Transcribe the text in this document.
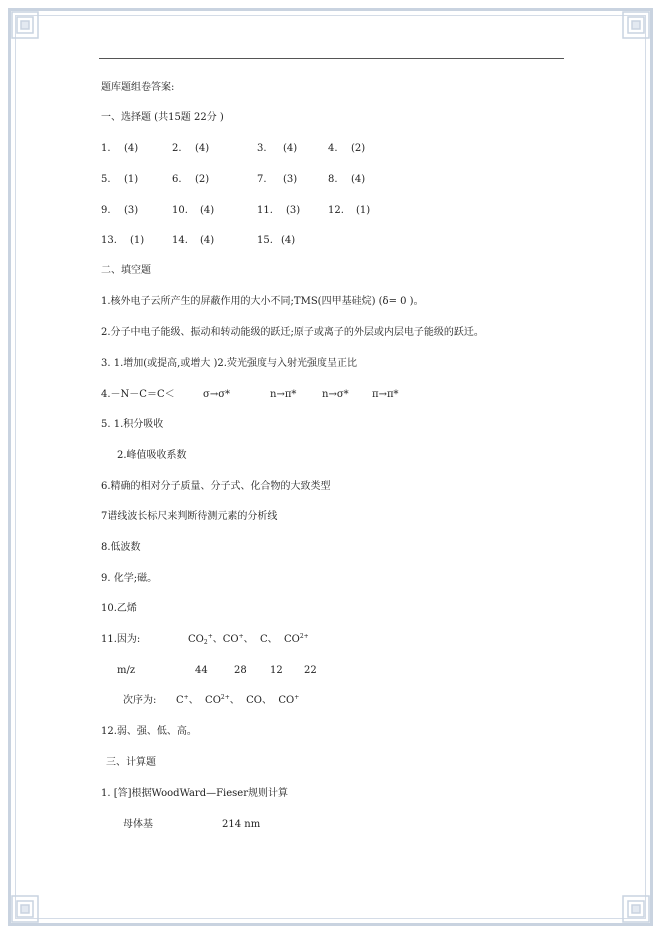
题库题组卷答案:
一、选择题 (共15题 22分 )
1. (4)	2. (4)	3. (4)	4. (2)
5. (1)	6. (2)	7. (3)	8. (4)
9. (3)	10. (4)	11. (3)	12. (1)
13. (1)	14. (4)	15. (4)
二、填空题
1.核外电子云所产生的屏蔽作用的大小不同;TMS(四甲基硅烷) (δ= 0 )。
2.分子中电子能级、振动和转动能级的跃迁;原子或离子的外层或内层电子能级的跃迁。
3. 1.增加(或提高,或增大 )2.荧光强度与入射光强度呈正比
4.－N－C＝C＜	σ→σ*	n→π*	n→σ* π→π*
5. 1.积分吸收
2.峰值吸收系数
6.精确的相对分子质量、分子式、化合物的大致类型
7谱线波长标尺来判断待测元素的分析线
8.低波数
9. 化学;磁。
10.乙烯
11.因为:	$CO_2^+$、CO+、 C、 $CO^{2+}$
m/z	44	28 12 22
次序为: C+、 $CO^{2+}$、 CO、 CO+
12.弱、强、低、高。
三、计算题
1. [答]根据WoodWard—Fieser规则计算
母体基	214 nm
